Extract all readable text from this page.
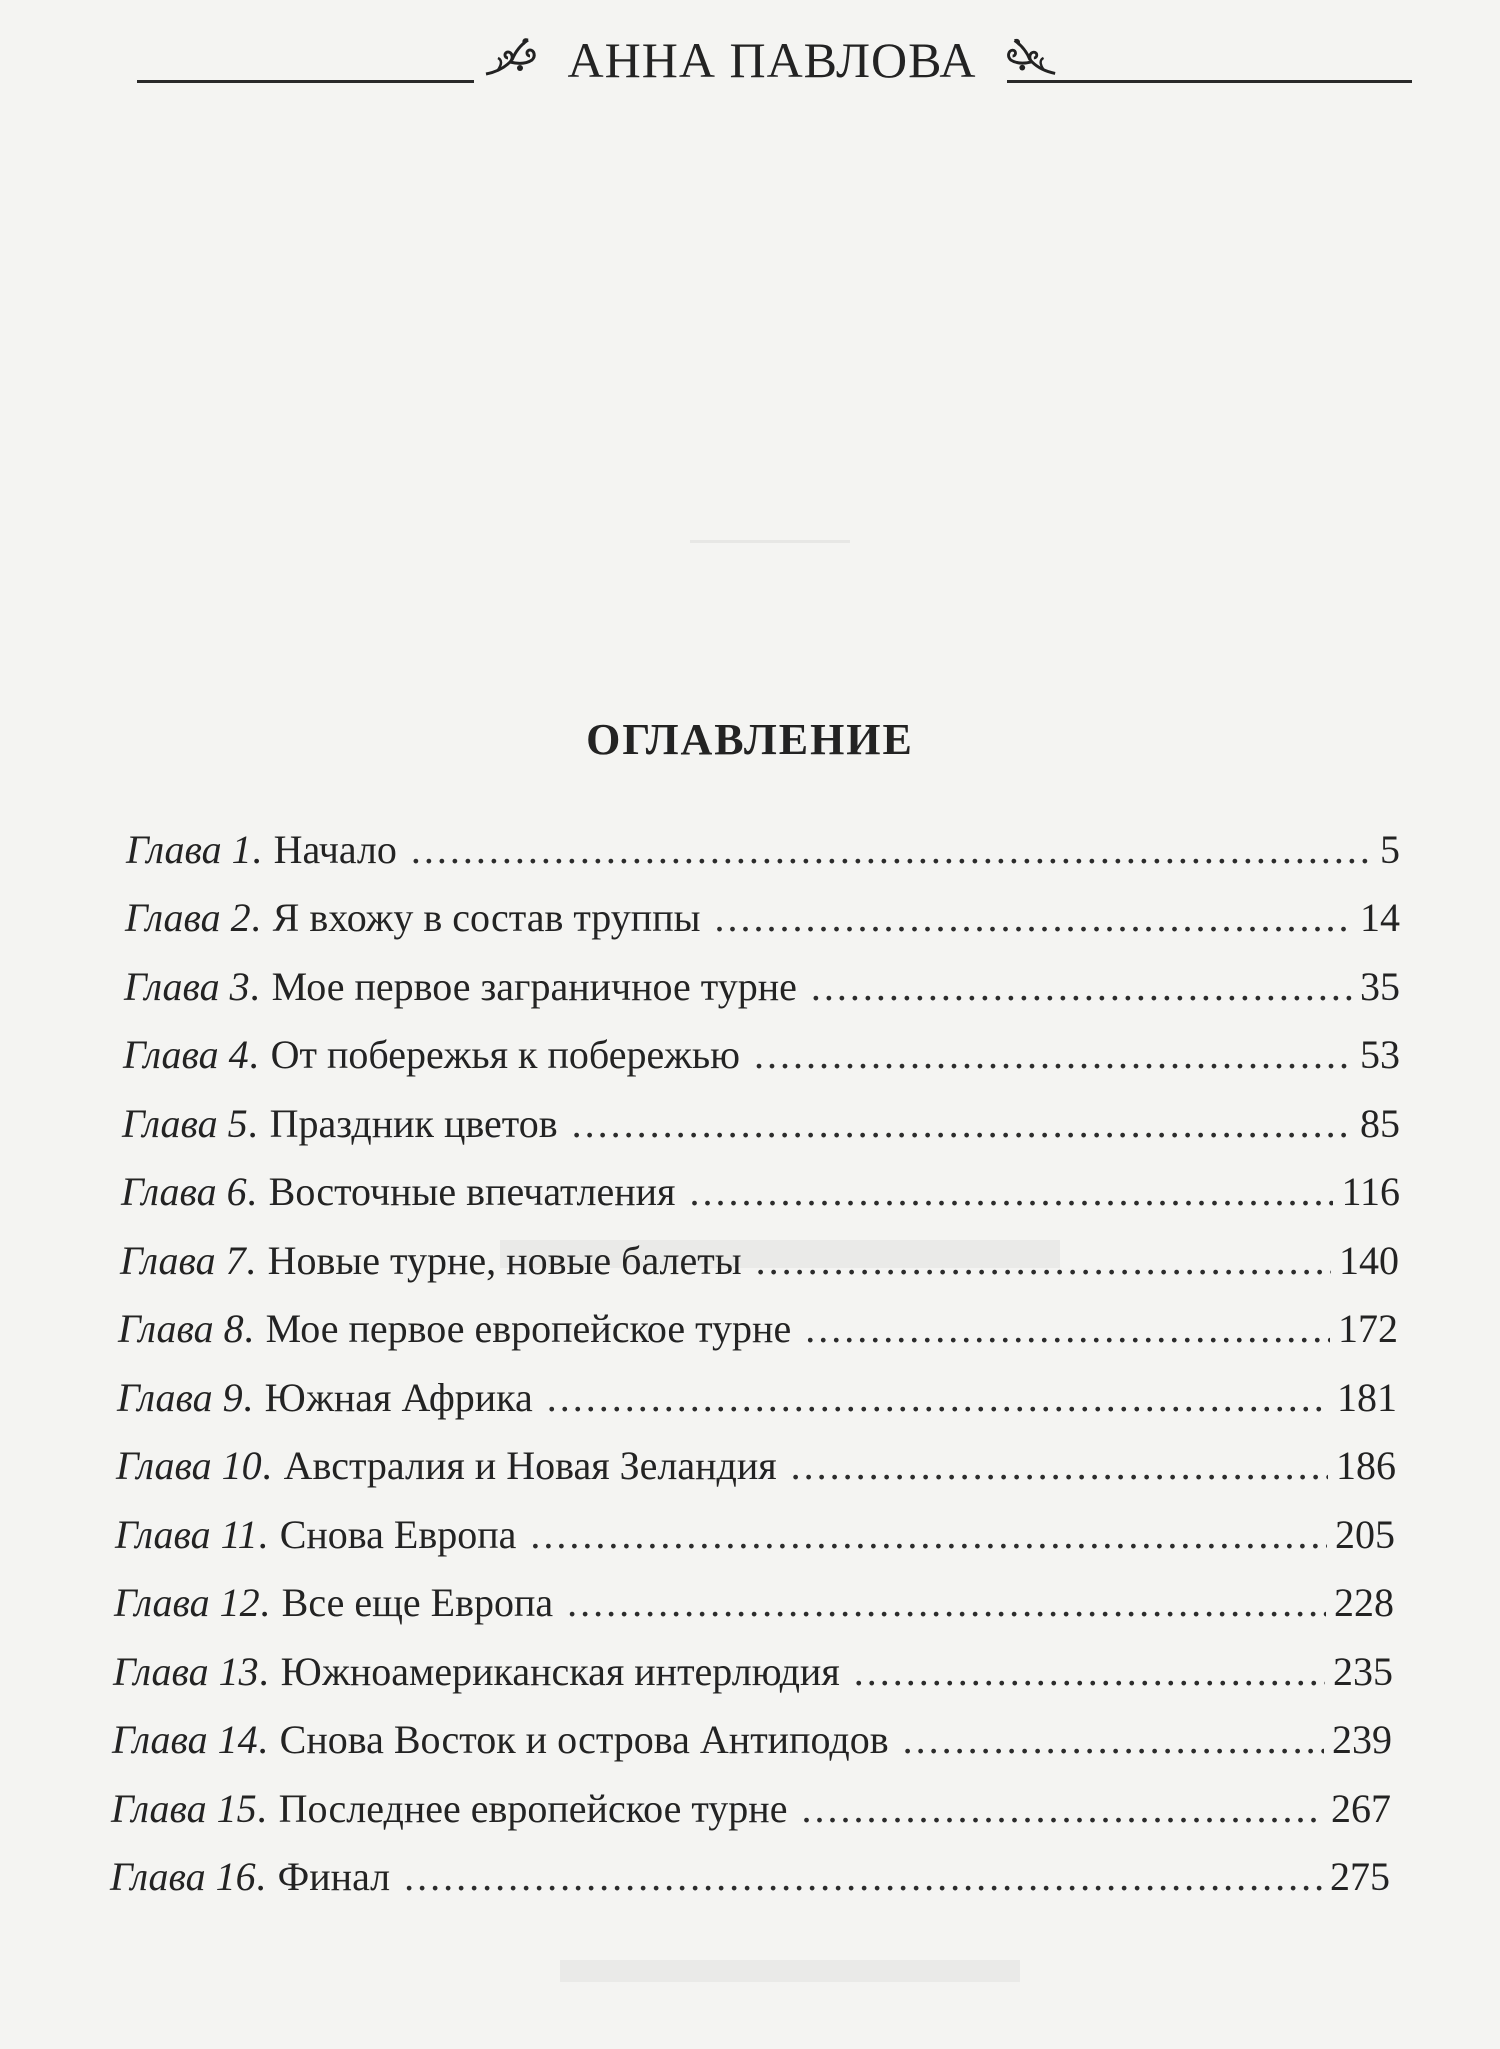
АННА ПАВЛОВА
ОГЛАВЛЕНИЕ
Глава 1 . Начало .....	5
Глава 2 . Я вхожу в состав труппы .....	14
Глава 3 . Мое первое заграничное турне .....	35
Глава 4 . От побережья к побережью .....	53
Глава 5 . Праздник цветов .....	85
Глава 6 . Восточные впечатления .....	116
Глава 7 . Новые турне, новые балеты .....	140
Глава 8 . Мое первое европейское турне .....	172
Глава 9 . Южная Африка .....	181
Глава 10 . Австралия и Новая Зеландия .....	186
Глава 11 . Снова Европа .....	205
Глава 12 . Все еще Европа .....	228
Глава 13 . Южноамериканская интерлюдия .....	235
Глава 14 . Снова Восток и острова Антиподов .....	239
Глава 15 . Последнее европейское турне .....	267
Глава 16 . Финал .....	275
